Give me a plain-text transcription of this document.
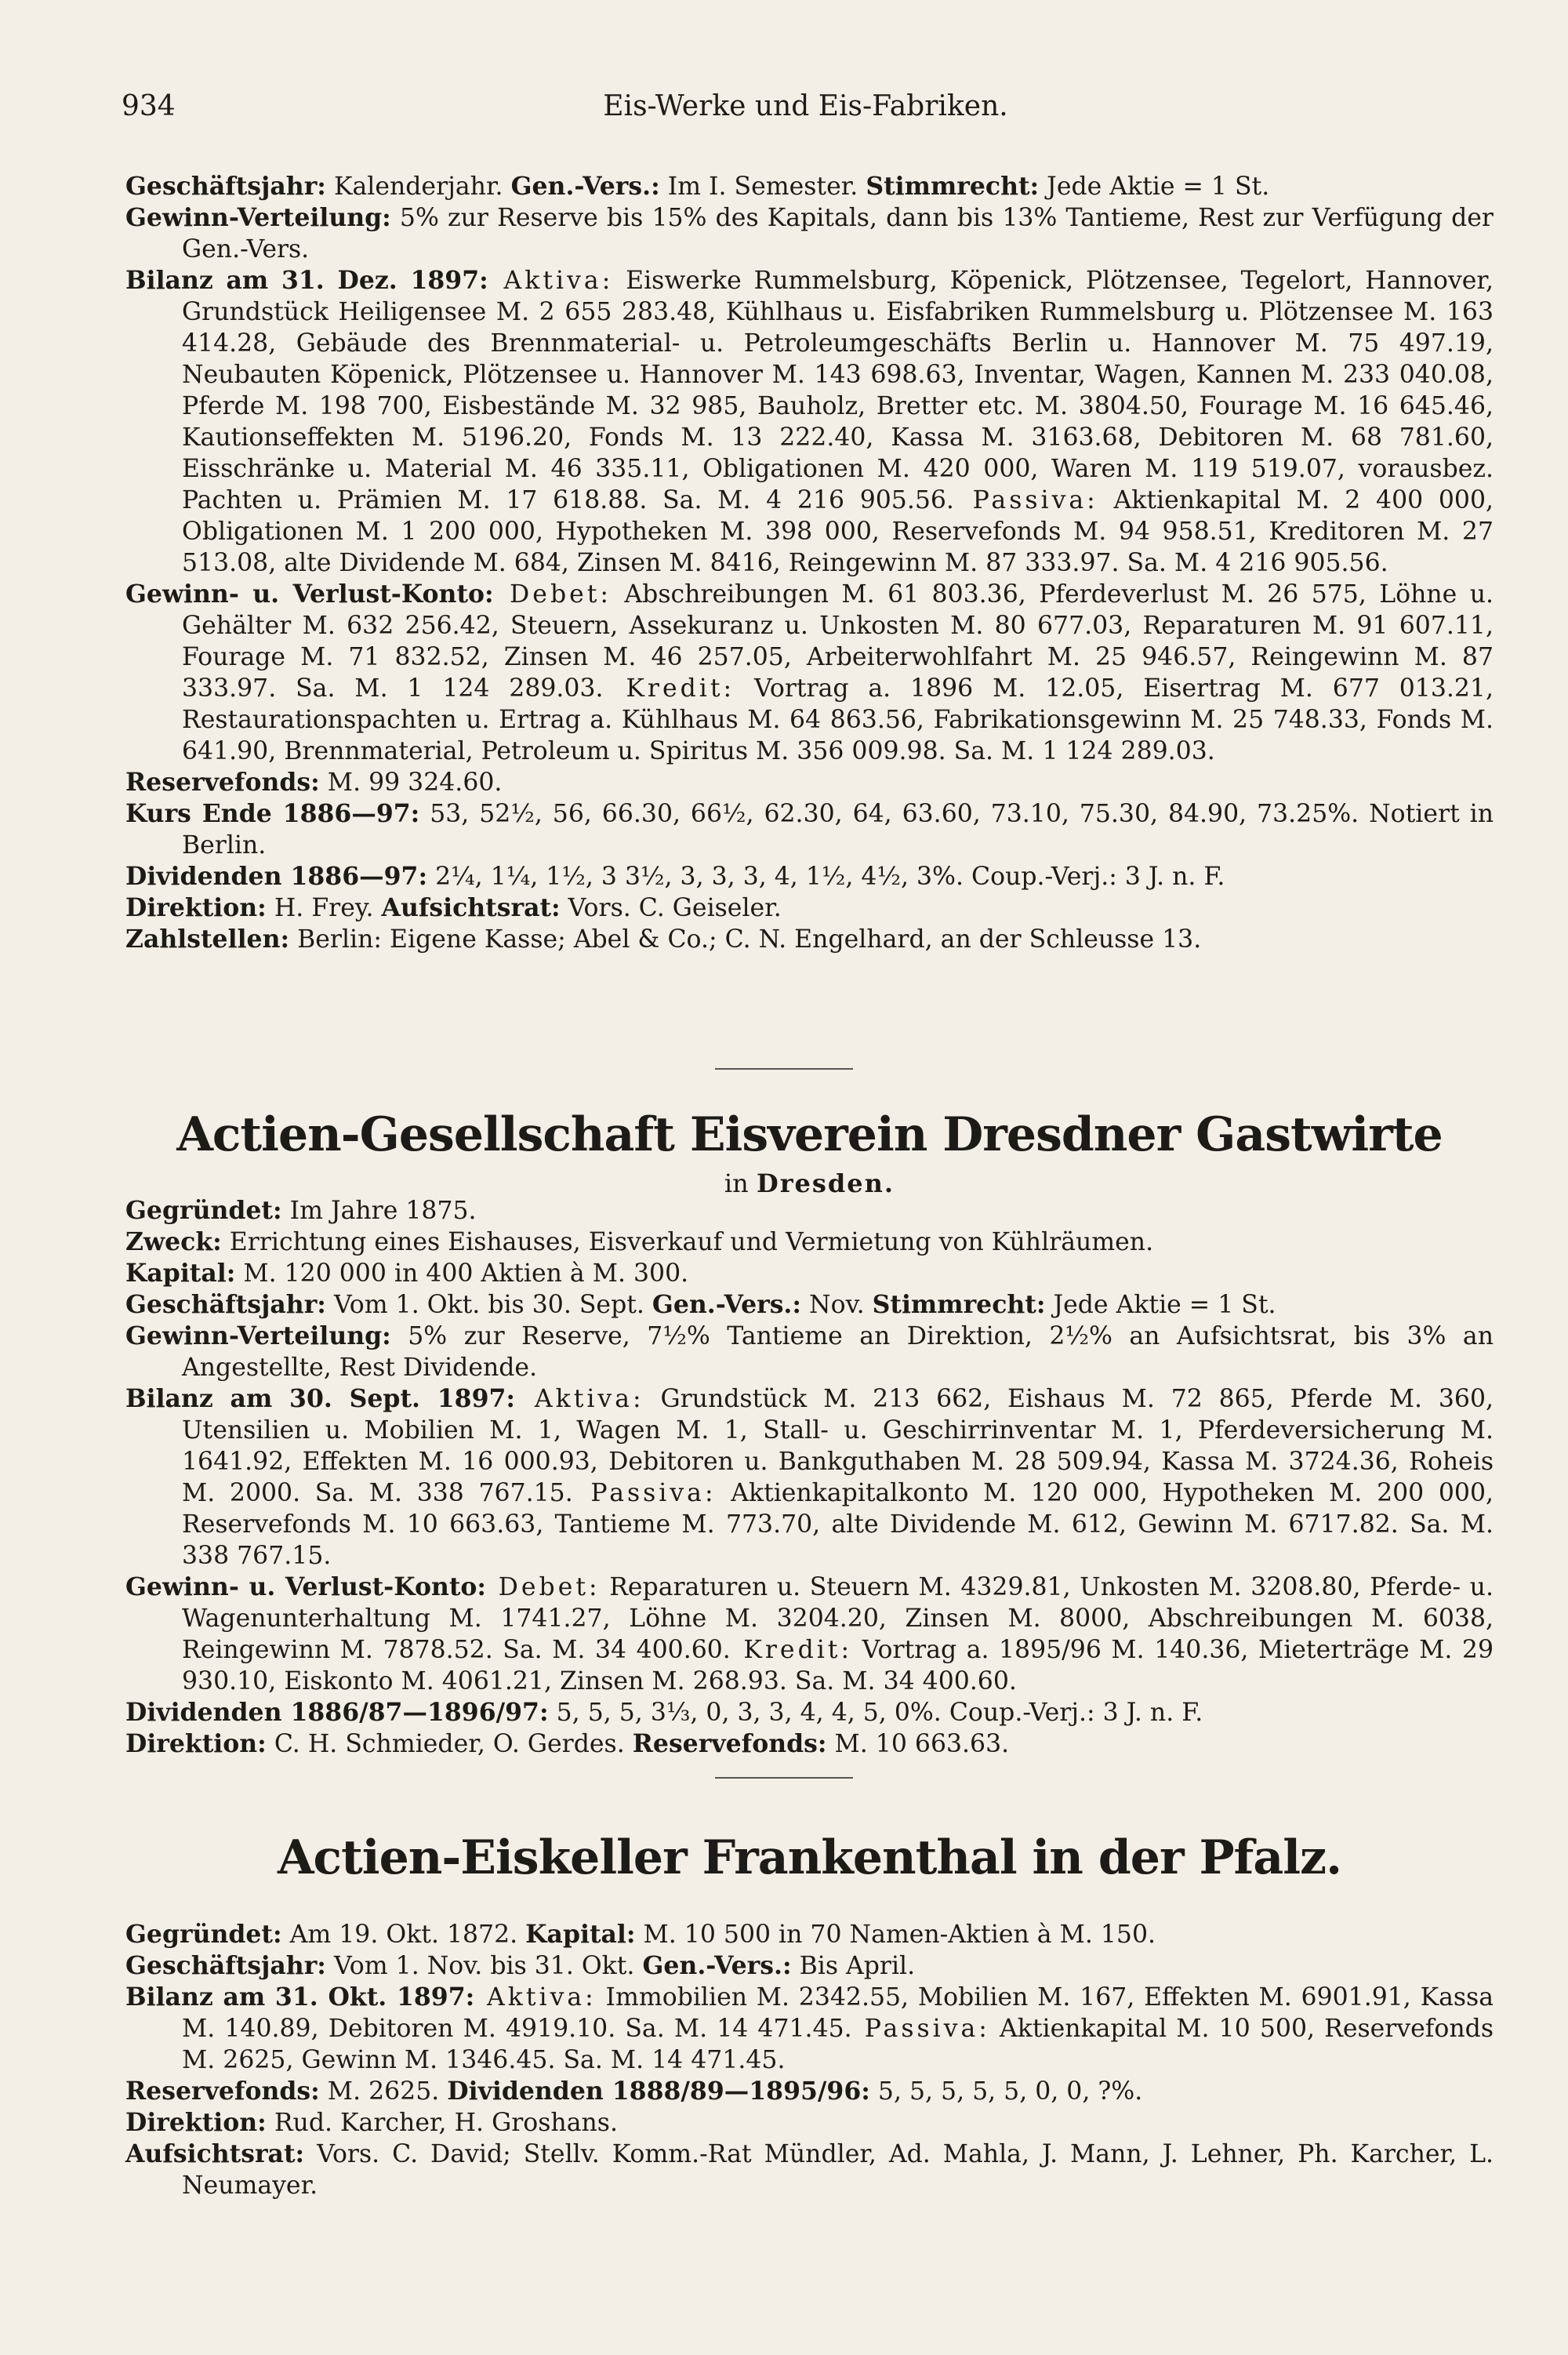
934	Eis-Werke und Eis-Fabriken.

Geschäftsjahr: Kalenderjahr. Gen.-Vers.: Im I. Semester. Stimmrecht: Jede Aktie = 1 St.

Gewinn-Verteilung: 5% zur Reserve bis 15% des Kapitals, dann bis 13% Tantieme, Rest zur Verfügung der Gen.-Vers.

Bilanz am 31. Dez. 1897: Aktiva: Eiswerke Rummelsburg, Köpenick, Plötzensee, Tegelort, Hannover, Grundstück Heiligensee M. 2 655 283.48, Kühlhaus u. Eisfabriken Rummelsburg u. Plötzensee M. 163 414.28, Gebäude des Brennmaterial- u. Petroleumgeschäfts Berlin u. Hannover M. 75 497.19, Neubauten Köpenick, Plötzensee u. Hannover M. 143 698.63, Inventar, Wagen, Kannen M. 233 040.08, Pferde M. 198 700, Eisbestände M. 32 985, Bauholz, Bretter etc. M. 3804.50, Fourage M. 16 645.46, Kautionseffekten M. 5196.20, Fonds M. 13 222.40, Kassa M. 3163.68, Debitoren M. 68 781.60, Eisschränke u. Material M. 46 335.11, Obligationen M. 420 000, Waren M. 119 519.07, vorausbez. Pachten u. Prämien M. 17 618.88. Sa. M. 4 216 905.56. Passiva: Aktienkapital M. 2 400 000, Obligationen M. 1 200 000, Hypotheken M. 398 000, Reservefonds M. 94 958.51, Kreditoren M. 27 513.08, alte Dividende M. 684, Zinsen M. 8416, Reingewinn M. 87 333.97. Sa. M. 4 216 905.56.

Gewinn- u. Verlust-Konto: Debet: Abschreibungen M. 61 803.36, Pferdeverlust M. 26 575, Löhne u. Gehälter M. 632 256.42, Steuern, Assekuranz u. Unkosten M. 80 677.03, Reparaturen M. 91 607.11, Fourage M. 71 832.52, Zinsen M. 46 257.05, Arbeiterwohlfahrt M. 25 946.57, Reingewinn M. 87 333.97. Sa. M. 1 124 289.03. Kredit: Vortrag a. 1896 M. 12.05, Eisertrag M. 677 013.21, Restaurationspachten u. Ertrag a. Kühlhaus M. 64 863.56, Fabrikationsgewinn M. 25 748.33, Fonds M. 641.90, Brennmaterial, Petroleum u. Spiritus M. 356 009.98. Sa. M. 1 124 289.03.

Reservefonds: M. 99 324.60.

Kurs Ende 1886—97: 53, 52½, 56, 66.30, 66½, 62.30, 64, 63.60, 73.10, 75.30, 84.90, 73.25%. Notiert in Berlin.

Dividenden 1886—97: 2¼, 1¼, 1½, 3 3½, 3, 3, 3, 4, 1½, 4½, 3%. Coup.-Verj.: 3 J. n. F.

Direktion: H. Frey. Aufsichtsrat: Vors. C. Geiseler.

Zahlstellen: Berlin: Eigene Kasse; Abel & Co.; C. N. Engelhard, an der Schleusse 13.

Actien-Gesellschaft Eisverein Dresdner Gastwirte
in Dresden.

Gegründet: Im Jahre 1875.

Zweck: Errichtung eines Eishauses, Eisverkauf und Vermietung von Kühlräumen.

Kapital: M. 120 000 in 400 Aktien à M. 300.

Geschäftsjahr: Vom 1. Okt. bis 30. Sept. Gen.-Vers.: Nov. Stimmrecht: Jede Aktie = 1 St.

Gewinn-Verteilung: 5% zur Reserve, 7½% Tantieme an Direktion, 2½% an Aufsichtsrat, bis 3% an Angestellte, Rest Dividende.

Bilanz am 30. Sept. 1897: Aktiva: Grundstück M. 213 662, Eishaus M. 72 865, Pferde M. 360, Utensilien u. Mobilien M. 1, Wagen M. 1, Stall- u. Geschirrinventar M. 1, Pferdeversicherung M. 1641.92, Effekten M. 16 000.93, Debitoren u. Bankguthaben M. 28 509.94, Kassa M. 3724.36, Roheis M. 2000. Sa. M. 338 767.15. Passiva: Aktienkapitalkonto M. 120 000, Hypotheken M. 200 000, Reservefonds M. 10 663.63, Tantieme M. 773.70, alte Dividende M. 612, Gewinn M. 6717.82. Sa. M. 338 767.15.

Gewinn- u. Verlust-Konto: Debet: Reparaturen u. Steuern M. 4329.81, Unkosten M. 3208.80, Pferde- u. Wagenunterhaltung M. 1741.27, Löhne M. 3204.20, Zinsen M. 8000, Abschreibungen M. 6038, Reingewinn M. 7878.52. Sa. M. 34 400.60. Kredit: Vortrag a. 1895/96 M. 140.36, Mieterträge M. 29 930.10, Eiskonto M. 4061.21, Zinsen M. 268.93. Sa. M. 34 400.60.

Dividenden 1886/87—1896/97: 5, 5, 5, 3⅓, 0, 3, 3, 4, 4, 5, 0%. Coup.-Verj.: 3 J. n. F.

Direktion: C. H. Schmieder, O. Gerdes. Reservefonds: M. 10 663.63.

Actien-Eiskeller Frankenthal in der Pfalz.

Gegründet: Am 19. Okt. 1872. Kapital: M. 10 500 in 70 Namen-Aktien à M. 150.

Geschäftsjahr: Vom 1. Nov. bis 31. Okt. Gen.-Vers.: Bis April.

Bilanz am 31. Okt. 1897: Aktiva: Immobilien M. 2342.55, Mobilien M. 167, Effekten M. 6901.91, Kassa M. 140.89, Debitoren M. 4919.10. Sa. M. 14 471.45. Passiva: Aktienkapital M. 10 500, Reservefonds M. 2625, Gewinn M. 1346.45. Sa. M. 14 471.45.

Reservefonds: M. 2625. Dividenden 1888/89—1895/96: 5, 5, 5, 5, 5, 0, 0, ?%.

Direktion: Rud. Karcher, H. Groshans.

Aufsichtsrat: Vors. C. David; Stellv. Komm.-Rat Mündler, Ad. Mahla, J. Mann, J. Lehner, Ph. Karcher, L. Neumayer.
